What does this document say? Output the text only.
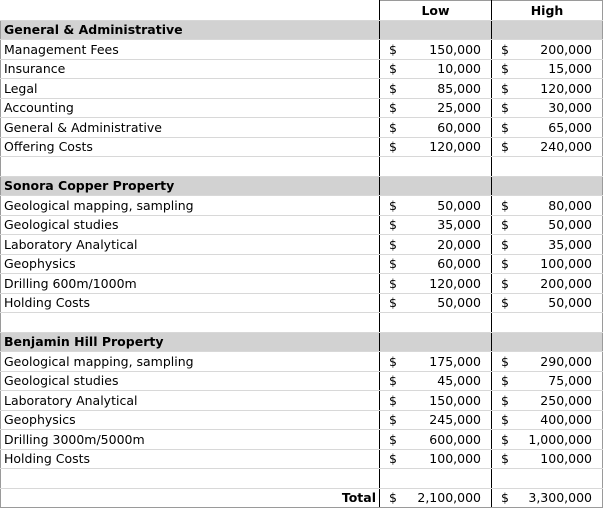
	Low	High
General & Administrative		
Management Fees	$ 150,000	$ 200,000

Insurance	$ 10,000	$ 15,000

Legal	$ 85,000	$ 120,000

Accounting	$ 25,000	$ 30,000

General & Administrative	$ 60,000	$ 65,000

Offering Costs	$ 120,000	$ 240,000

Sonora Copper Property		
Geological mapping, sampling	$ 50,000	$ 80,000

Geological studies	$ 35,000	$ 50,000

Laboratory Analytical	$ 20,000	$ 35,000

Geophysics	$ 60,000	$ 100,000

Drilling 600m/1000m	$ 120,000	$ 200,000

Holding Costs	$ 50,000	$ 50,000

Benjamin Hill Property		
Geological mapping, sampling	$ 175,000	$ 290,000

Geological studies	$ 45,000	$ 75,000

Laboratory Analytical	$ 150,000	$ 250,000

Geophysics	$ 245,000	$ 400,000

Drilling 3000m/5000m	$ 600,000	$ 1,000,000

Holding Costs	$ 100,000	$ 100,000

Total	$ 2,100,000	$ 3,300,000
